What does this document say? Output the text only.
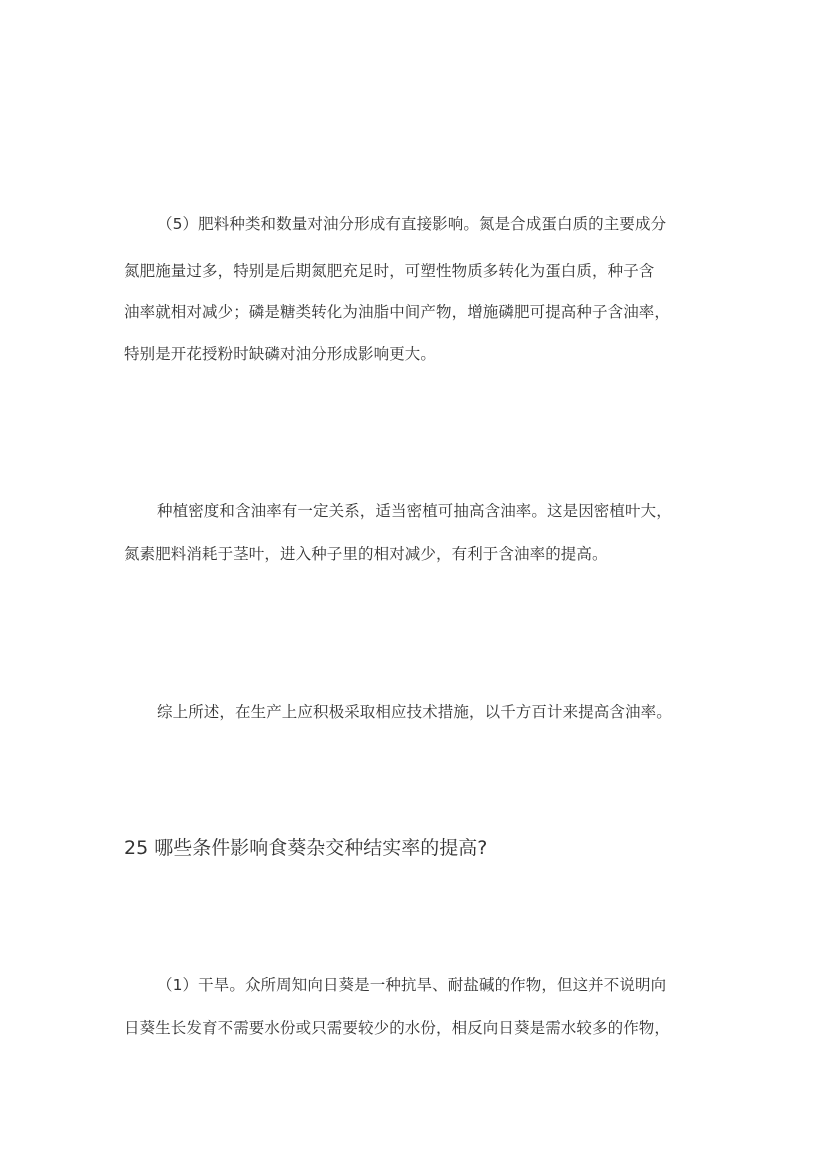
（5）肥料种类和数量对油分形成有直接影响。氮是合成蛋白质的主要成分
氮肥施量过多，特别是后期氮肥充足时，可塑性物质多转化为蛋白质，种子含
油率就相对减少；磷是糖类转化为油脂中间产物，增施磷肥可提高种子含油率，
特别是开花授粉时缺磷对油分形成影响更大。
种植密度和含油率有一定关系，适当密植可抽高含油率。这是因密植叶大，
氮素肥料消耗于茎叶，进入种子里的相对减少，有利于含油率的提高。
综上所述，在生产上应积极采取相应技术措施，以千方百计来提高含油率。
25 哪些条件影响食葵杂交种结实率的提高?
（1）干旱。众所周知向日葵是一种抗旱、耐盐碱的作物，但这并不说明向
日葵生长发育不需要水份或只需要较少的水份，相反向日葵是需水较多的作物，
